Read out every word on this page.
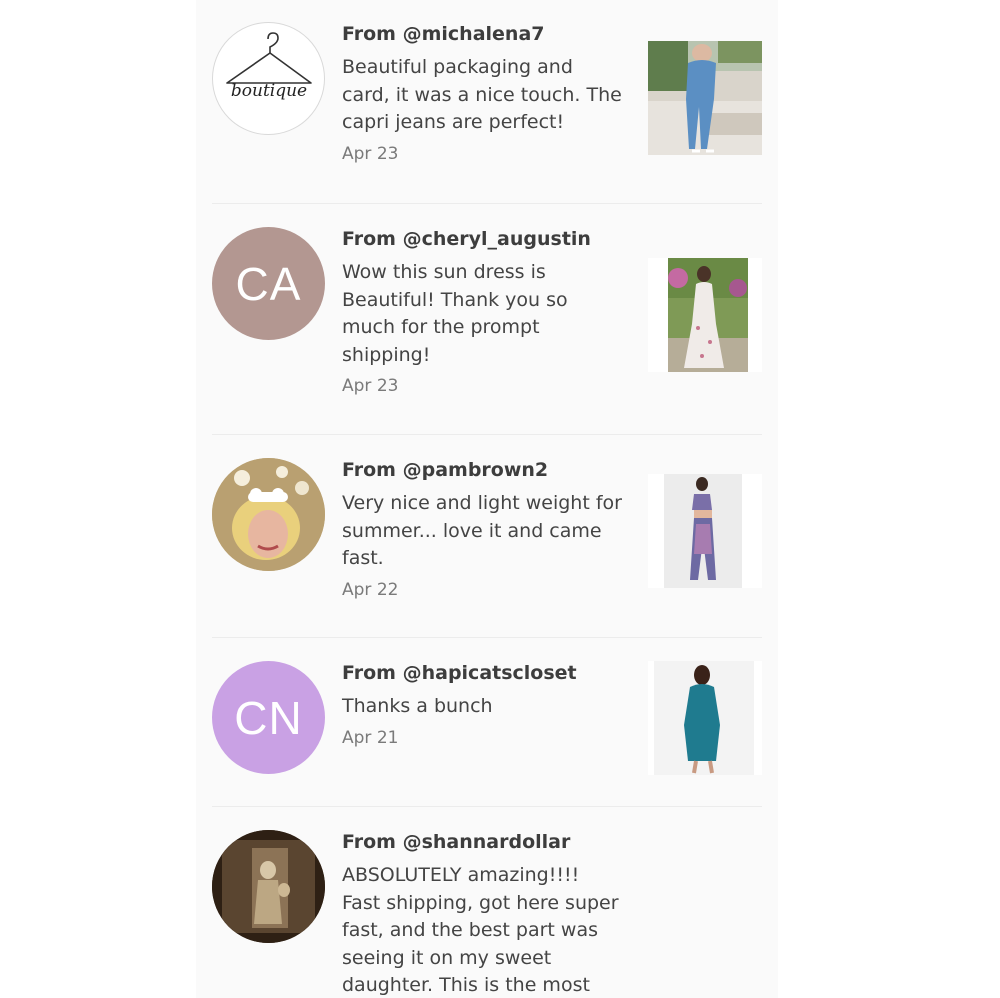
boutique

From @michalena7

Beautiful packaging and
card, it was a nice touch. The
capri jeans are perfect!

Apr 23
CA

From @cheryl_augustin

Wow this sun dress is
Beautiful! Thank you so
much for the prompt
shipping!

Apr 23

From @pambrown2

Very nice and light weight for
summer... love it and came
fast.

Apr 22
CN

From @hapicatscloset

Thanks a bunch

Apr 21

From @shannardollar

ABSOLUTELY amazing!!!!
Fast shipping, got here super
fast, and the best part was
seeing it on my sweet
daughter. This is the most
